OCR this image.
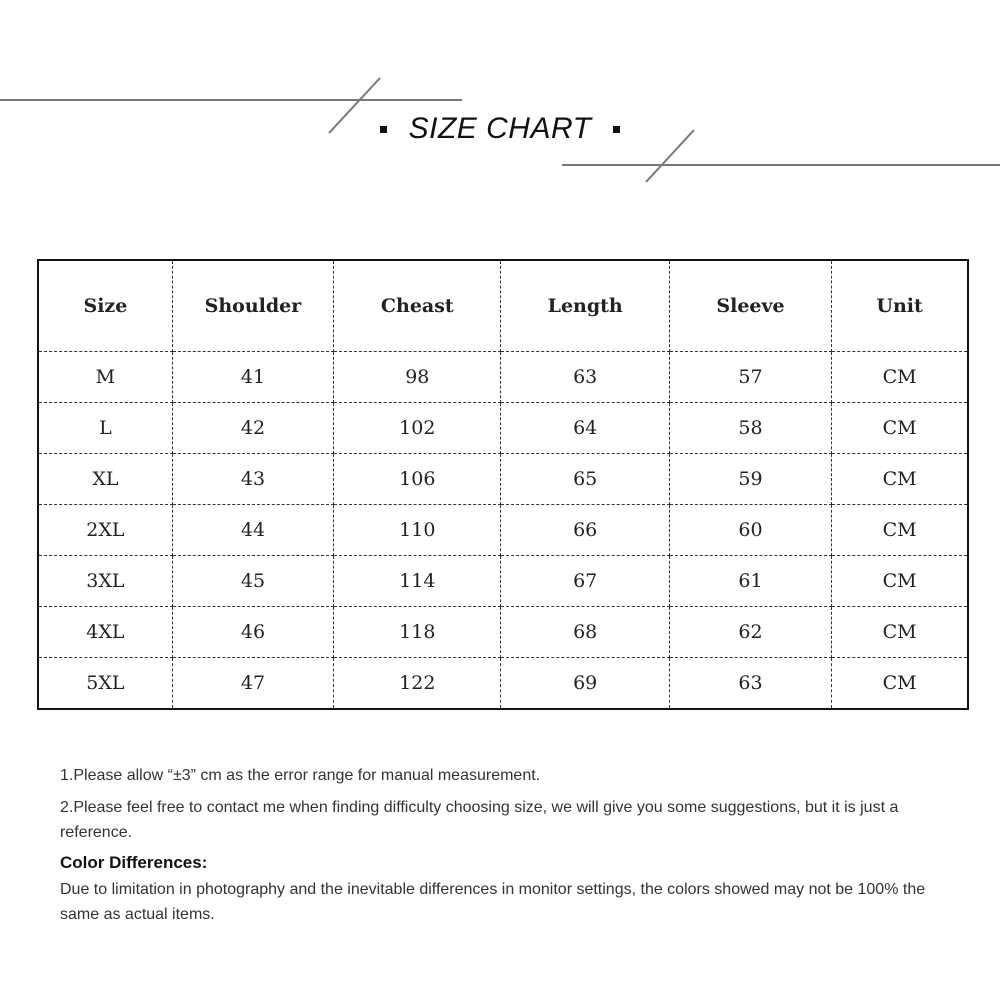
SIZE CHART
Size	Shoulder	Cheast	Length	Sleeve	Unit
M	41	98	63	57	CM
L	42	102	64	58	CM
XL	43	106	65	59	CM
2XL	44	110	66	60	CM
3XL	45	114	67	61	CM
4XL	46	118	68	62	CM
5XL	47	122	69	63	CM

1.Please allow “±3” cm as the error range for manual measurement.

2.Please feel free to contact me when finding difficulty choosing size, we will give you some suggestions, but it is just a reference.

Color Differences:

Due to limitation in photography and the inevitable differences in monitor settings, the colors showed may not be 100% the same as actual items.
